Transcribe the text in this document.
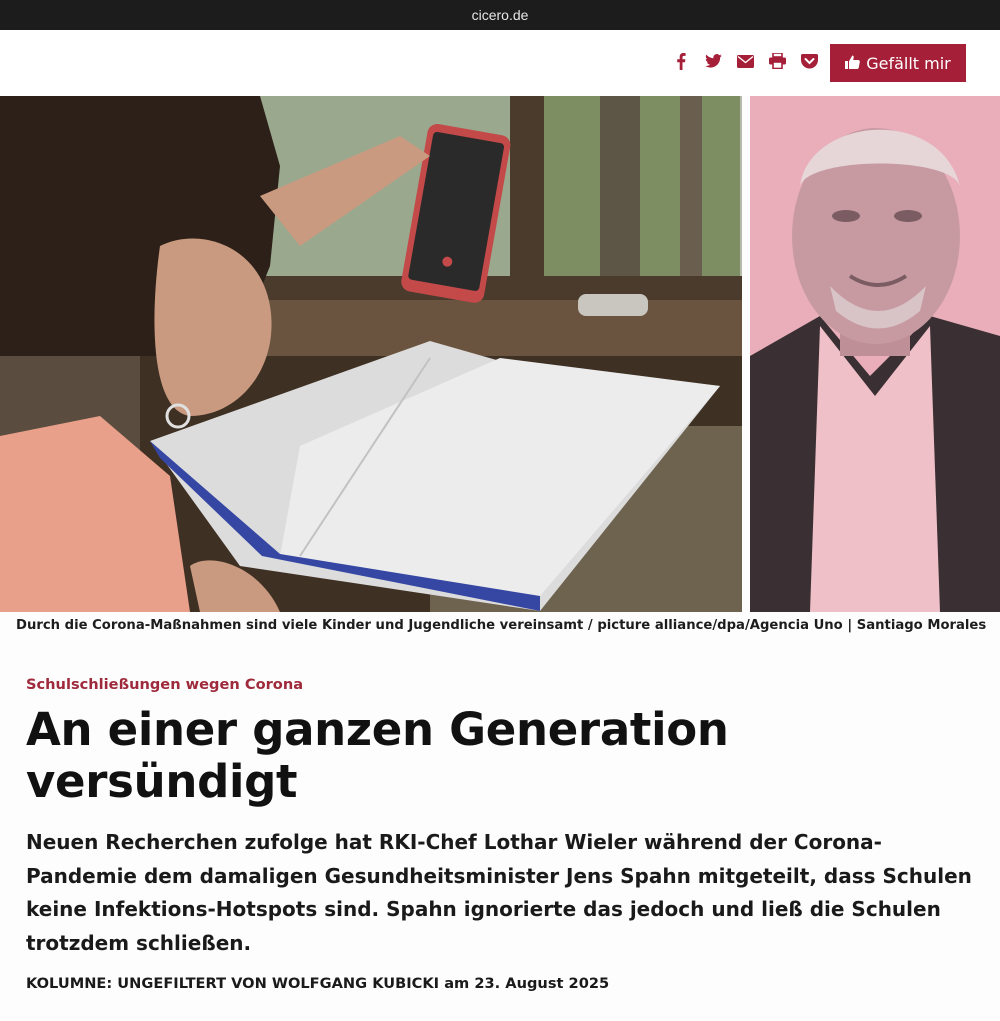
cicero.de
Gefällt mir
Durch die Corona-Maßnahmen sind viele Kinder und Jugendliche vereinsamt / picture alliance/dpa/Agencia Uno | Santiago Morales
Schulschließungen wegen Corona
An einer ganzen Generation versündigt

Neuen Recherchen zufolge hat RKI-Chef Lothar Wieler während der Corona-Pandemie dem damaligen Gesundheitsminister Jens Spahn mitgeteilt, dass Schulen keine Infektions-Hotspots sind. Spahn ignorierte das jedoch und ließ die Schulen trotzdem schließen.

KOLUMNE: UNGEFILTERT VON WOLFGANG KUBICKI am 23. August 2025
